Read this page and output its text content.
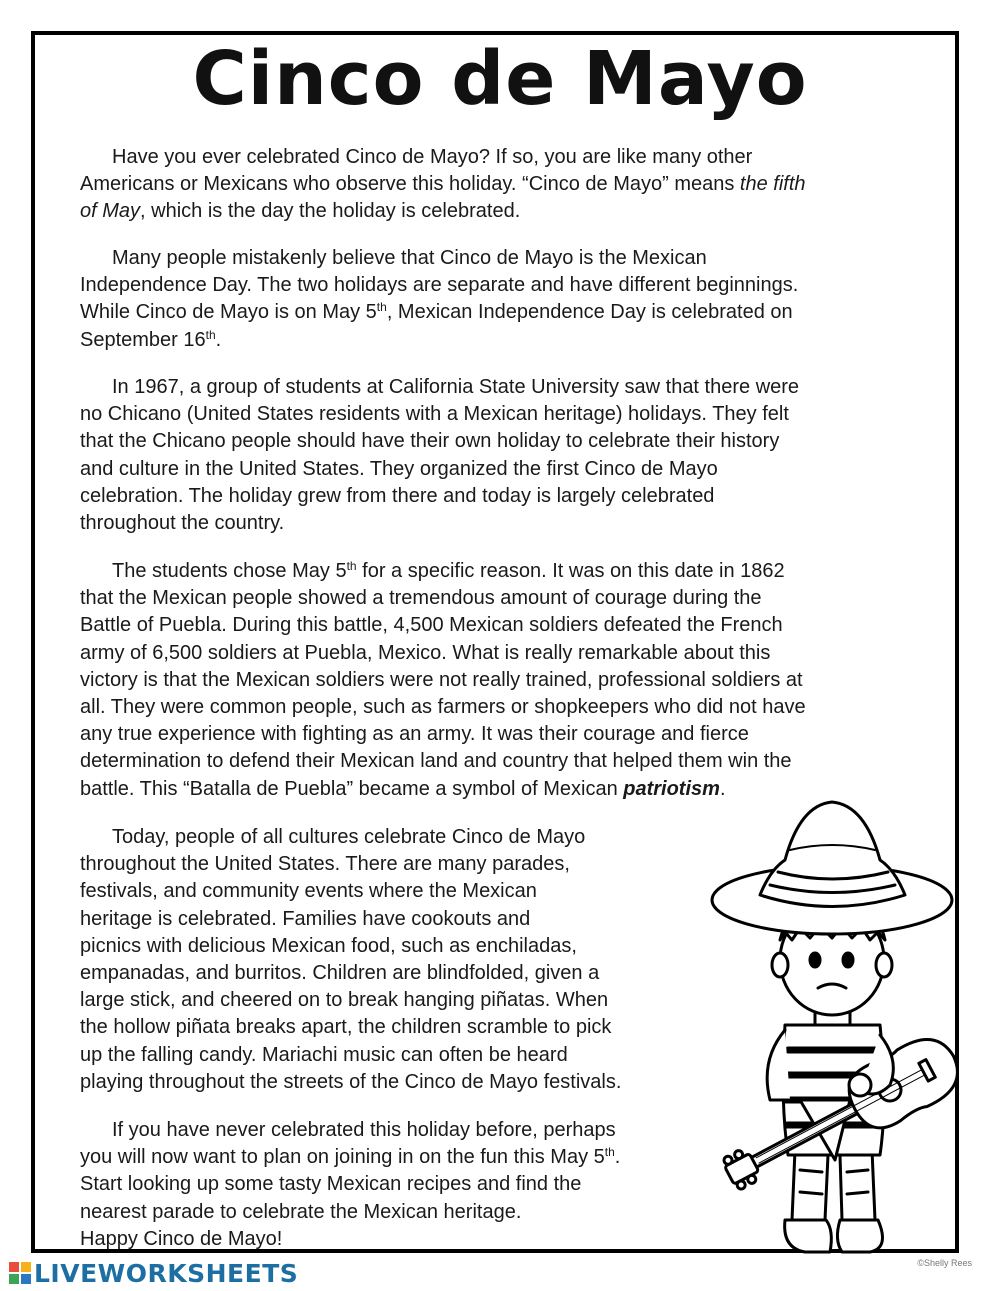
Cinco de Mayo

Have you ever celebrated Cinco de Mayo? If so, you are like many other
Americans or Mexicans who observe this holiday. “Cinco de Mayo” means the fifth
of May, which is the day the holiday is celebrated.

Many people mistakenly believe that Cinco de Mayo is the Mexican
Independence Day. The two holidays are separate and have different beginnings.
While Cinco de Mayo is on May 5th, Mexican Independence Day is celebrated on
September 16th.

In 1967, a group of students at California State University saw that there were
no Chicano (United States residents with a Mexican heritage) holidays. They felt
that the Chicano people should have their own holiday to celebrate their history
and culture in the United States. They organized the first Cinco de Mayo
celebration. The holiday grew from there and today is largely celebrated
throughout the country.

The students chose May 5th for a specific reason. It was on this date in 1862
that the Mexican people showed a tremendous amount of courage during the
Battle of Puebla. During this battle, 4,500 Mexican soldiers defeated the French
army of 6,500 soldiers at Puebla, Mexico. What is really remarkable about this
victory is that the Mexican soldiers were not really trained, professional soldiers at
all. They were common people, such as farmers or shopkeepers who did not have
any true experience with fighting as an army. It was their courage and fierce
determination to defend their Mexican land and country that helped them win the
battle. This “Batalla de Puebla” became a symbol of Mexican patriotism.

Today, people of all cultures celebrate Cinco de Mayo
throughout the United States. There are many parades,
festivals, and community events where the Mexican
heritage is celebrated. Families have cookouts and
picnics with delicious Mexican food, such as enchiladas,
empanadas, and burritos. Children are blindfolded, given a
large stick, and cheered on to break hanging piñatas. When
the hollow piñata breaks apart, the children scramble to pick
up the falling candy. Mariachi music can often be heard
playing throughout the streets of the Cinco de Mayo festivals.

If you have never celebrated this holiday before, perhaps
you will now want to plan on joining in on the fun this May 5th.
Start looking up some tasty Mexican recipes and find the
nearest parade to celebrate the Mexican heritage.
Happy Cinco de Mayo!

LIVEWORKSHEETS	©Shelly Rees
